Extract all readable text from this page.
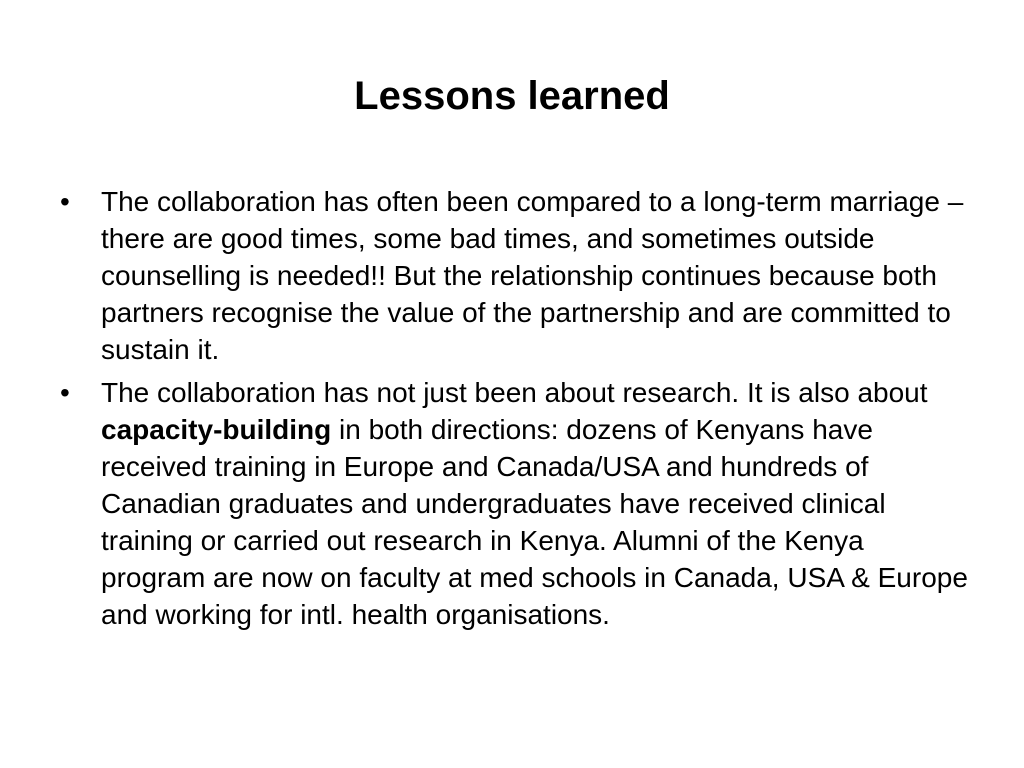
Lessons learned
• The collaboration has often been compared to a long-term marriage – there are good times, some bad times, and sometimes outside counselling is needed!! But the relationship continues because both partners recognise the value of the partnership and are committed to sustain it.
• The collaboration has not just been about research. It is also about capacity-building in both directions: dozens of Kenyans have received training in Europe and Canada/USA and hundreds of Canadian graduates and undergraduates have received clinical training or carried out research in Kenya. Alumni of the Kenya program are now on faculty at med schools in Canada, USA & Europe and working for intl. health organisations.
